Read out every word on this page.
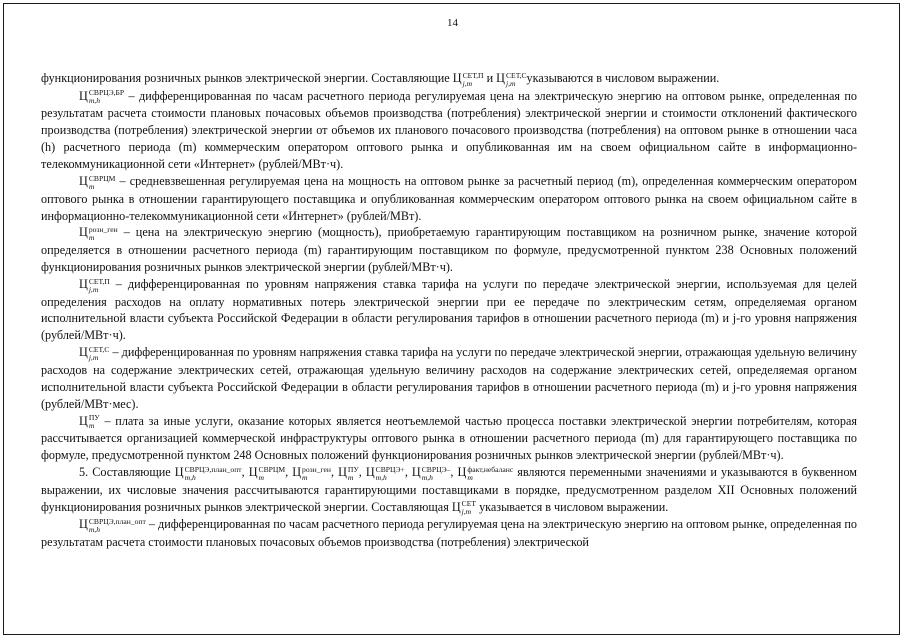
14

функционирования розничных рынков электрической энергии. Составляющие Ц СЕТ,П
j,m и Ц СЕТ,С
j,m указываются в числовом выражении.

Ц СВРЦЭ,БР
m,h	– дифференцированная по часам расчетного периода регулируемая цена на электрическую энергию на оптовом рынке, определенная по результатам расчета стоимости плановых почасовых объемов производства (потребления) электрической энергии и стоимости отклонений фактического производства (потребления) электрической энергии от объемов их планового почасового производства (потребления) на оптовом рынке в отношении часа (h) расчетного периода (m) коммерческим оператором оптового рынка и опубликованная им на своем официальном сайте в информационно-телекоммуникационной сети «Интернет» (рублей/МВт·ч).

Ц СВРЦМ
m	– средневзвешенная регулируемая цена на мощность на оптовом рынке за расчетный период (m), определенная коммерческим оператором оптового рынка в отношении гарантирующего поставщика и опубликованная коммерческим оператором оптового рынка на своем официальном сайте в информационно-телекоммуникационной сети «Интернет» (рублей/МВт).

Ц розн_ген
m	– цена на электрическую энергию (мощность), приобретаемую гарантирующим поставщиком на розничном рынке, значение которой определяется в отношении расчетного периода (m) гарантирующим поставщиком по формуле, предусмотренной пунктом 238 Основных положений функционирования розничных рынков электрической энергии (рублей/МВт·ч).

Ц СЕТ,П
j,m – дифференцированная по уровням напряжения ставка тарифа на услуги по передаче электрической энергии, используемая для целей определения расходов на оплату нормативных потерь электрической энергии при ее передаче по электрическим сетям, определяемая органом исполнительной власти субъекта Российской Федерации в области регулирования тарифов в отношении расчетного периода (m) и j-го уровня напряжения (рублей/МВт·ч).

Ц СЕТ,С
j,m – дифференцированная по уровням напряжения ставка тарифа на услуги по передаче электрической энергии, отражающая удельную величину расходов на содержание электрических сетей, отражающая удельную величину расходов на содержание электрических сетей, определяемая органом исполнительной власти субъекта Российской Федерации в области регулирования тарифов в отношении расчетного периода (m) и j-го уровня напряжения (рублей/МВт·мес).

Ц ПУ
m – плата за иные услуги, оказание которых является неотъемлемой частью процесса поставки электрической энергии потребителям, которая рассчитывается организацией коммерческой инфраструктуры оптового рынка в отношении расчетного периода (m) для гарантирующего поставщика по формуле, предусмотренной пунктом 248 Основных положений функционирования розничных рынков электрической энергии (рублей/МВт·ч).

5. Составляющие Ц СВРЦЭ,план_опт
m,h	, Ц СВРЦМ
m	, Ц розн_ген
m	, Ц ПУ
m , Ц СВРЦЭ+
m,h	, Ц СВРЦЭ–
m,h	, Ц факт,небаланс
m	являются переменными значениями и указываются в буквенном выражении, их числовые значения рассчитываются гарантирующими поставщиками в порядке, предусмотренном разделом XII Основных положений функционирования розничных рынков электрической энергии. Составляющая Ц СЕТ
j,m указывается в числовом выражении.

Ц СВРЦЭ,план_опт
m,h	– дифференцированная по часам расчетного периода регулируемая цена на электрическую энергию на оптовом рынке, определенная по результатам расчета стоимости плановых почасовых объемов производства (потребления) электрической
